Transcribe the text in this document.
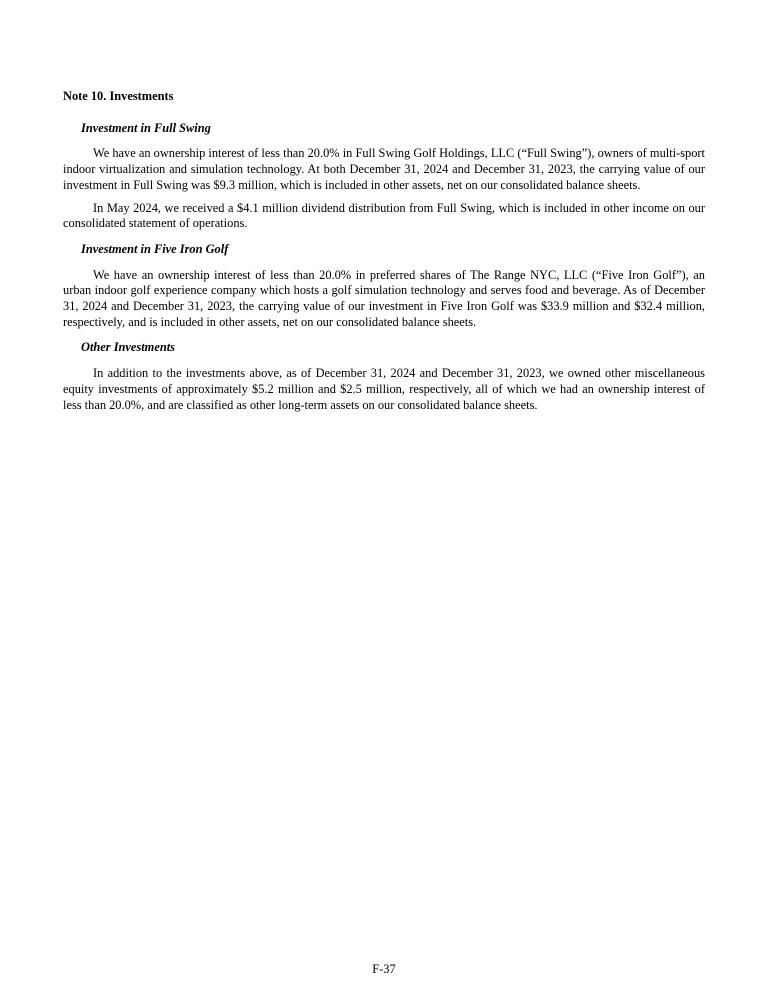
Note 10. Investments
Investment in Full Swing

We have an ownership interest of less than 20.0% in Full Swing Golf Holdings, LLC (“Full Swing”), owners of multi-sport indoor virtualization and simulation technology. At both December 31, 2024 and December 31, 2023, the carrying value of our investment in Full Swing was $9.3 million, which is included in other assets, net on our consolidated balance sheets.

In May 2024, we received a $4.1 million dividend distribution from Full Swing, which is included in other income on our consolidated statement of operations.

Investment in Five Iron Golf

We have an ownership interest of less than 20.0% in preferred shares of The Range NYC, LLC (“Five Iron Golf”), an urban indoor golf experience company which hosts a golf simulation technology and serves food and beverage. As of December 31, 2024 and December 31, 2023, the carrying value of our investment in Five Iron Golf was $33.9 million and $32.4 million, respectively, and is included in other assets, net on our consolidated balance sheets.

Other Investments

In addition to the investments above, as of December 31, 2024 and December 31, 2023, we owned other miscellaneous equity investments of approximately $5.2 million and $2.5 million, respectively, all of which we had an ownership interest of less than 20.0%, and are classified as other long-term assets on our consolidated balance sheets.

F-37
